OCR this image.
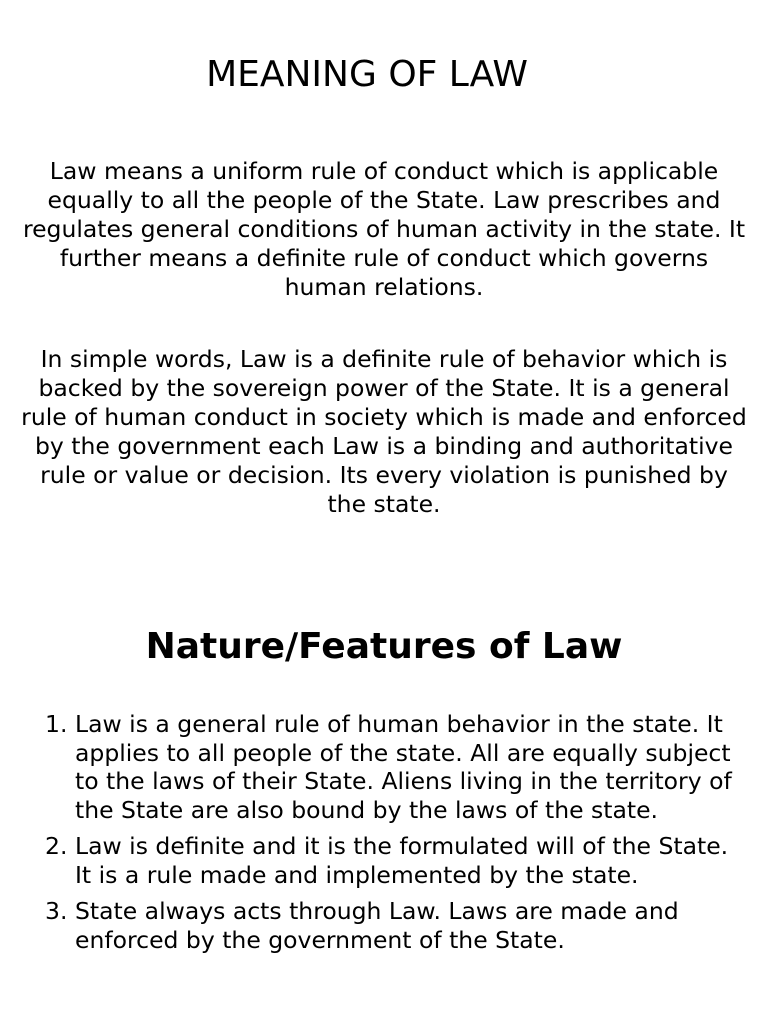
MEANING OF LAW

Law means a uniform rule of conduct which is applicable equally to all the people of the State. Law prescribes and regulates general conditions of human activity in the state. It further means a definite rule of conduct which governs human relations.

In simple words, Law is a definite rule of behavior which is backed by the sovereign power of the State. It is a general rule of human conduct in society which is made and enforced by the government each Law is a binding and authoritative rule or value or decision. Its every violation is punished by the state.

Nature/Features of Law
1. Law is a general rule of human behavior in the state. It applies to all people of the state. All are equally subject to the laws of their State. Aliens living in the territory of the State are also bound by the laws of the state.
2. Law is definite and it is the formulated will of the State. It is a rule made and implemented by the state.
3. State always acts through Law. Laws are made and enforced by the government of the State.
